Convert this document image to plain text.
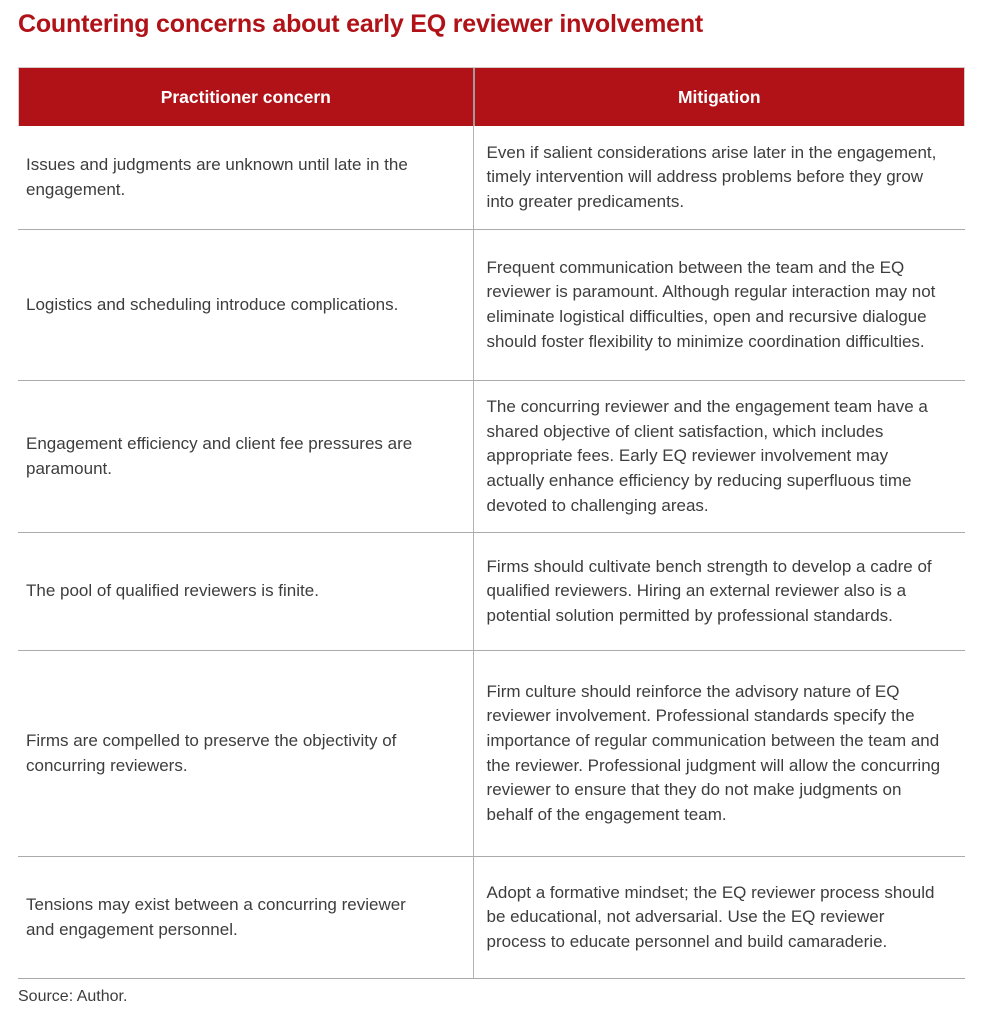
Countering concerns about early EQ reviewer involvement
Practitioner concern	Mitigation
Issues and judgments are unknown until late in the engagement.
Even if salient considerations arise later in the engagement, timely intervention will address problems before they grow into greater predicaments.
Logistics and scheduling introduce complications.
Frequent communication between the team and the EQ reviewer is paramount. Although regular interaction may not eliminate logistical difficulties, open and recursive dialogue should foster flexibility to minimize coordination difficulties.
Engagement efficiency and client fee pressures are paramount.
The concurring reviewer and the engagement team have a shared objective of client satisfaction, which includes appropriate fees. Early EQ reviewer involvement may actually enhance efficiency by reducing superfluous time devoted to challenging areas.
The pool of qualified reviewers is finite.
Firms should cultivate bench strength to develop a cadre of qualified reviewers. Hiring an external reviewer also is a potential solution permitted by professional standards.
Firms are compelled to preserve the objectivity of concurring reviewers.
Firm culture should reinforce the advisory nature of EQ reviewer involvement. Professional standards specify the importance of regular communication between the team and the reviewer. Professional judgment will allow the concurring reviewer to ensure that they do not make judgments on behalf of the engagement team.
Tensions may exist between a concurring reviewer and engagement personnel.
Adopt a formative mindset; the EQ reviewer process should be educational, not adversarial. Use the EQ reviewer process to educate personnel and build camaraderie.
Source: Author.
